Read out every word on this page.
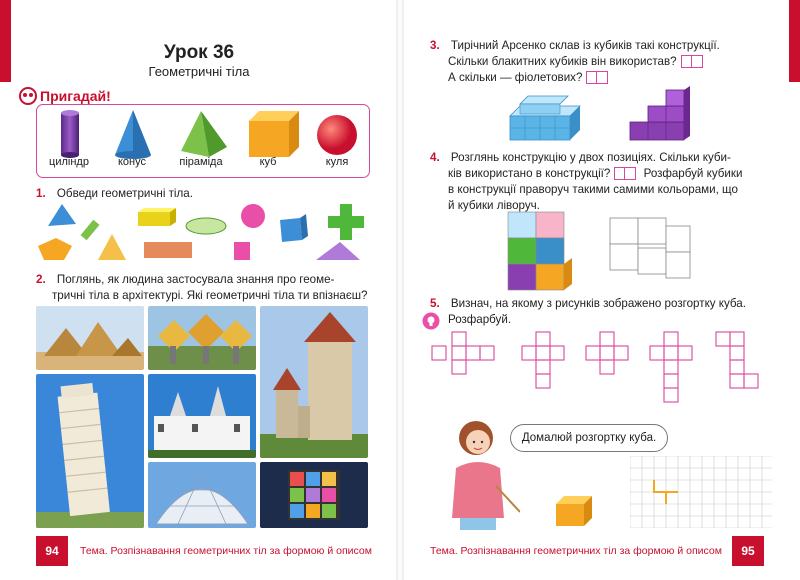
Урок 36
Геометричні тіла
Пригадай!
циліндр	конус	піраміда	куб	куля
1. Обведи геометричні тіла.
2. Поглянь, як людина застосувала знання про геоме-
тричні тіла в архітектурі. Які геометричні тіла ти впізнаєш?
94	Тема. Розпізнавання геометричних тіл за формою й описом
3. Тирічний Арсенко склав із кубиків такі конструкції.
Скільки блакитних кубиків він використав?
А скільки — фіолетових?
4. Розглянь конструкцію у двох позиціях. Скільки куби-
ків використано в конструкції?	Розфарбуй кубики
в конструкції праворуч такими самими кольорами, що
й кубики ліворуч.
5. Визнач, на якому з рисунків зображено розгортку куба.
Розфарбуй.
Домалюй розгортку куба.
Тема. Розпізнавання геометричних тіл за формою й описом	95
